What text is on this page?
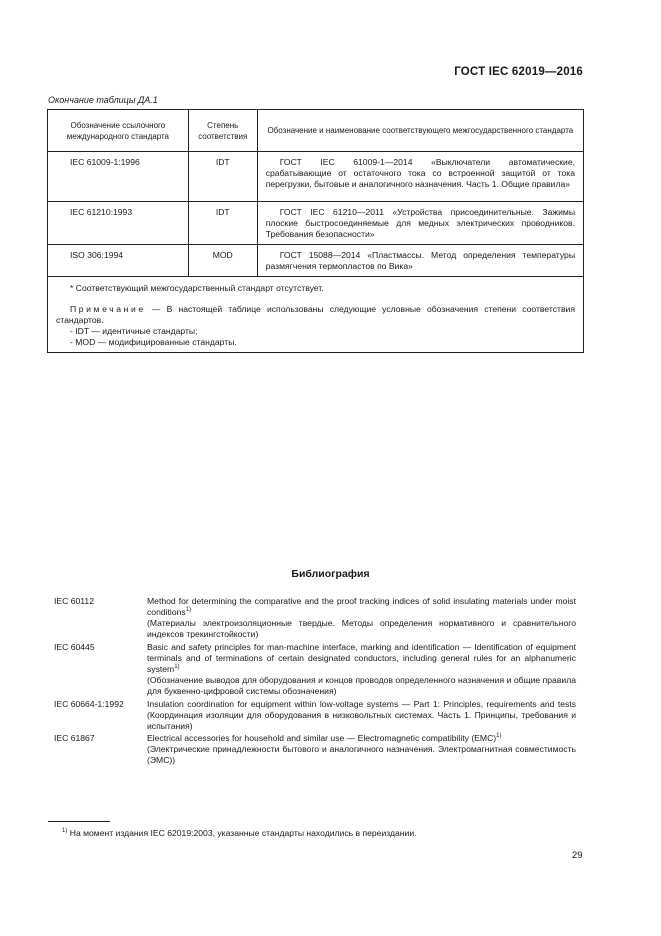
ГОСТ IEC 62019—2016
Окончание таблицы ДА.1
Обозначение ссылочного международного стандарта	Степень соответствия	Обозначение и наименование соответствующего межгосударственного стандарта
IEC 61009-1:1996	IDT	ГОСТ IEC 61009-1—2014 «Выключатели автоматические, срабатывающие от остаточного тока со встроенной защитой от тока перегрузки, бытовые и аналогичного назначения. Часть 1. Общие правила»
IEC 61210:1993	IDT	ГОСТ IEC 61210—2011 «Устройства присоединительные. Зажимы плоские быстросоединяемые для медных электрических проводников. Требования безопасности»
ISO 306:1994	MOD	ГОСТ 15088—2014 «Пластмассы. Метод определения температуры размягчения термопластов по Вика»

* Соответствующий межгосударственный стандарт отсутствует.

Примечание — В настоящей таблице использованы следующие условные обозначения степени соответствия стандартов.

- IDT — идентичные стандарты;

- MOD — модифицированные стандарты.		

Библиография
IEC 60112	Method for determining the comparative and the proof tracking indices of solid insulating materials under moist conditions$^{1)}$

(Материалы электроизоляционные твердые. Методы определения нормативного и сравнительного индексов трекингстойкости)

IEC 60445	Basic and safety principles for man-machine interface, marking and identification — Identification of equipment terminals and of terminations of certain designated conductors, including general rules for an alphanumeric system$^{1)}$

(Обозначение выводов для оборудования и концов проводов определенного назначения и общие правила для буквенно-цифровой системы обозначения)

IEC 60664-1:1992	Insulation coordination for equipment within low-voltage systems — Part 1: Principles, requirements and tests (Координация изоляции для оборудования в низковольтных системах. Часть 1. Принципы, требования и испытания)

IEC 61867	Electrical accessories for household and similar use — Electromagnetic compatibility (EMC)$^{1)}$

(Электрические принадлежности бытового и аналогичного назначения. Электромагнитная совместимость (ЭМС))

$^{1)}$ На момент издания IEC 62019:2003, указанные стандарты находились в переиздании.
29
